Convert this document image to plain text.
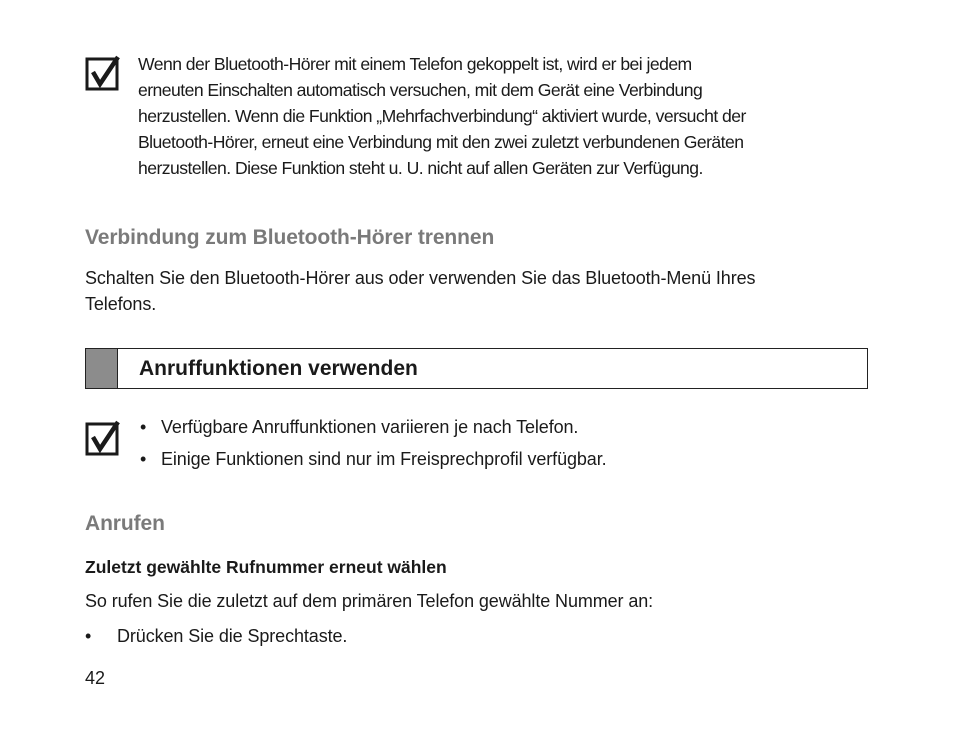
Wenn der Bluetooth-Hörer mit einem Telefon gekoppelt ist, wird er bei jedem

erneuten Einschalten automatisch versuchen, mit dem Gerät eine Verbindung

herzustellen. Wenn die Funktion „Mehrfachverbindung“ aktiviert wurde, versucht der

Bluetooth-Hörer, erneut eine Verbindung mit den zwei zuletzt verbundenen Geräten

herzustellen. Diese Funktion steht u. U. nicht auf allen Geräten zur Verfügung.

Verbindung zum Bluetooth-Hörer trennen
Schalten Sie den Bluetooth-Hörer aus oder verwenden Sie das Bluetooth-Menü Ihres
Telefons.
Anruffunktionen verwenden
• Verfügbare Anruffunktionen variieren je nach Telefon.
• Einige Funktionen sind nur im Freisprechprofil verfügbar.
Anrufen
Zuletzt gewählte Rufnummer erneut wählen
So rufen Sie die zuletzt auf dem primären Telefon gewählte Nummer an:
• Drücken Sie die Sprechtaste.
42
